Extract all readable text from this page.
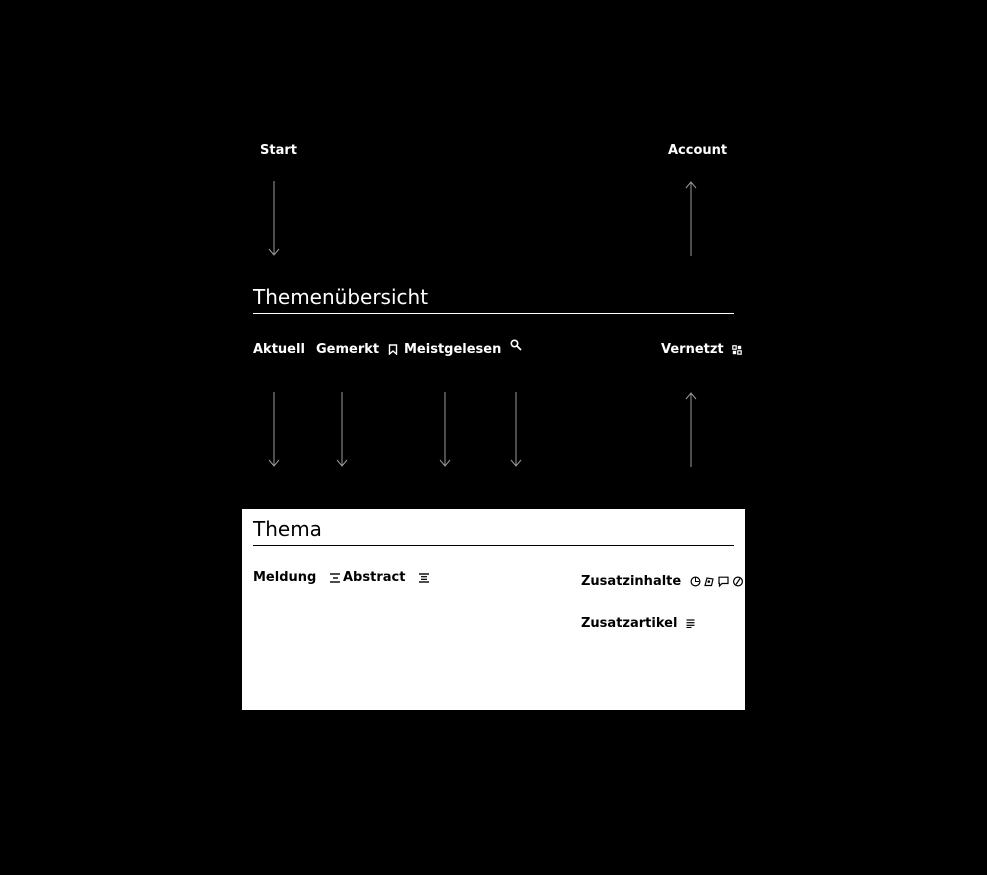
Start	Account
Themenübersicht
Aktuell Gemerkt	Meistgelesen	Vernetzt
Thema
Meldung	Abstract	Zusatzinhalte
Zusatzartikel
